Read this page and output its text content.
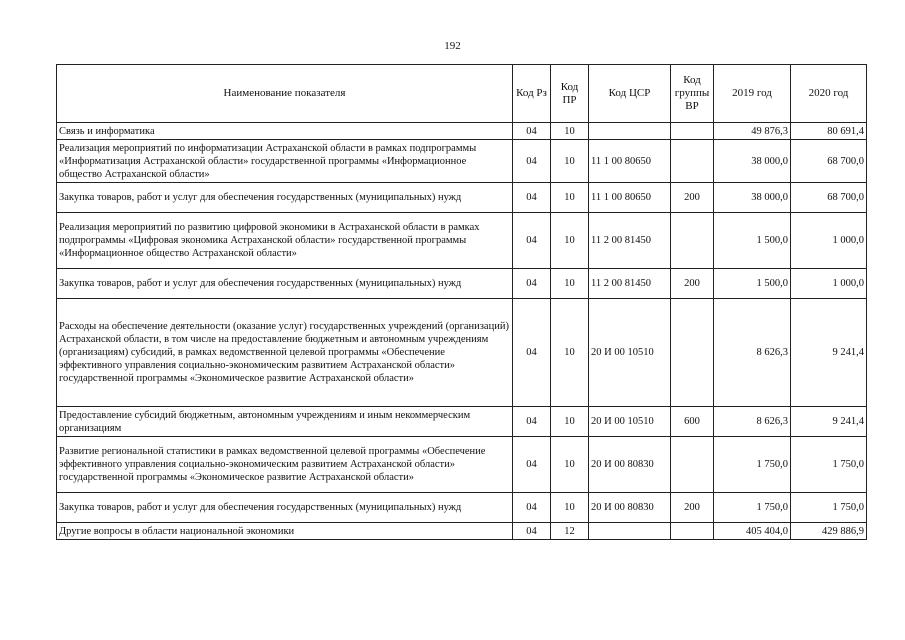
192
Наименование показателя	Код Рз	Код ПР	Код ЦСР	Код группы ВР	2019 год	2020 год
Связь и информатика	04	10			49 876,3	80 691,4
Реализация мероприятий по информатизации Астраханской области в рамках подпрограммы «Информатизация Астраханской области» государственной программы «Информационное общество Астраханской области»	04	10	11 1 00 80650		38 000,0	68 700,0
Закупка товаров, работ и услуг для обеспечения государственных (муниципальных) нужд	04	10	11 1 00 80650	200	38 000,0	68 700,0
Реализация мероприятий по развитию цифровой экономики в Астраханской области в рамках подпрограммы «Цифровая экономика Астраханской области» государственной программы «Информационное общество Астраханской области»	04	10	11 2 00 81450		1 500,0	1 000,0
Закупка товаров, работ и услуг для обеспечения государственных (муниципальных) нужд	04	10	11 2 00 81450	200	1 500,0	1 000,0
Расходы на обеспечение деятельности (оказание услуг) государственных учреждений (организаций) Астраханской области, в том числе на предоставление бюджетным и автономным учреждениям (организациям) субсидий, в рамках ведомственной целевой программы «Обеспечение эффективного управления социально-экономическим развитием Астраханской области» государственной программы «Экономическое развитие Астраханской области»	04	10	20 И 00 10510		8 626,3	9 241,4
Предоставление субсидий бюджетным, автономным учреждениям и иным некоммерческим организациям	04	10	20 И 00 10510	600	8 626,3	9 241,4
Развитие региональной статистики в рамках ведомственной целевой программы «Обеспечение эффективного управления социально-экономическим развитием Астраханской области» государственной программы «Экономическое развитие Астраханской области»	04	10	20 И 00 80830		1 750,0	1 750,0
Закупка товаров, работ и услуг для обеспечения государственных (муниципальных) нужд	04	10	20 И 00 80830	200	1 750,0	1 750,0
Другие вопросы в области национальной экономики	04	12			405 404,0	429 886,9
